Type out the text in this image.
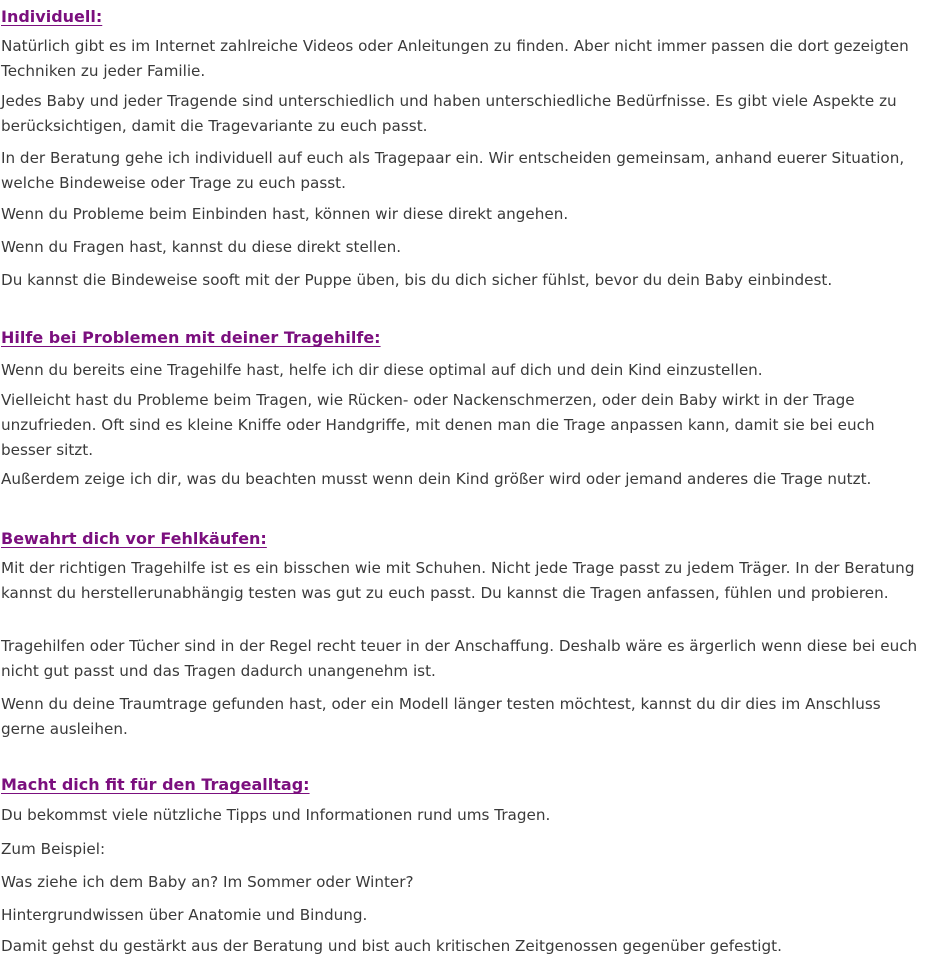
Individuell:

Natürlich gibt es im Internet zahlreiche Videos oder Anleitungen zu finden. Aber nicht immer passen die dort gezeigten Techniken zu jeder Familie.

Jedes Baby und jeder Tragende sind unterschiedlich und haben unterschiedliche Bedürfnisse. Es gibt viele Aspekte zu berücksichtigen, damit die Tragevariante zu euch passt.

In der Beratung gehe ich individuell auf euch als Tragepaar ein. Wir entscheiden gemeinsam, anhand euerer Situation, welche Bindeweise oder Trage zu euch passt.

Wenn du Probleme beim Einbinden hast, können wir diese direkt angehen.

Wenn du Fragen hast, kannst du diese direkt stellen.

Du kannst die Bindeweise sooft mit der Puppe üben, bis du dich sicher fühlst, bevor du dein Baby einbindest.

Hilfe bei Problemen mit deiner Tragehilfe:

Wenn du bereits eine Tragehilfe hast, helfe ich dir diese optimal auf dich und dein Kind einzustellen.

Vielleicht hast du Probleme beim Tragen, wie Rücken- oder Nackenschmerzen, oder dein Baby wirkt in der Trage unzufrieden. Oft sind es kleine Kniffe oder Handgriffe, mit denen man die Trage anpassen kann, damit sie bei euch besser sitzt.

Außerdem zeige ich dir, was du beachten musst wenn dein Kind größer wird oder jemand anderes die Trage nutzt.

Bewahrt dich vor Fehlkäufen:

Mit der richtigen Tragehilfe ist es ein bisschen wie mit Schuhen. Nicht jede Trage passt zu jedem Träger. In der Beratung kannst du herstellerunabhängig testen was gut zu euch passt. Du kannst die Tragen anfassen, fühlen und probieren.

Tragehilfen oder Tücher sind in der Regel recht teuer in der Anschaffung. Deshalb wäre es ärgerlich wenn diese bei euch nicht gut passt und das Tragen dadurch unangenehm ist.

Wenn du deine Traumtrage gefunden hast, oder ein Modell länger testen möchtest, kannst du dir dies im Anschluss gerne ausleihen.

Macht dich fit für den Tragealltag:

Du bekommst viele nützliche Tipps und Informationen rund ums Tragen.

Zum Beispiel:

Was ziehe ich dem Baby an? Im Sommer oder Winter?

Hintergrundwissen über Anatomie und Bindung.

Damit gehst du gestärkt aus der Beratung und bist auch kritischen Zeitgenossen gegenüber gefestigt.
